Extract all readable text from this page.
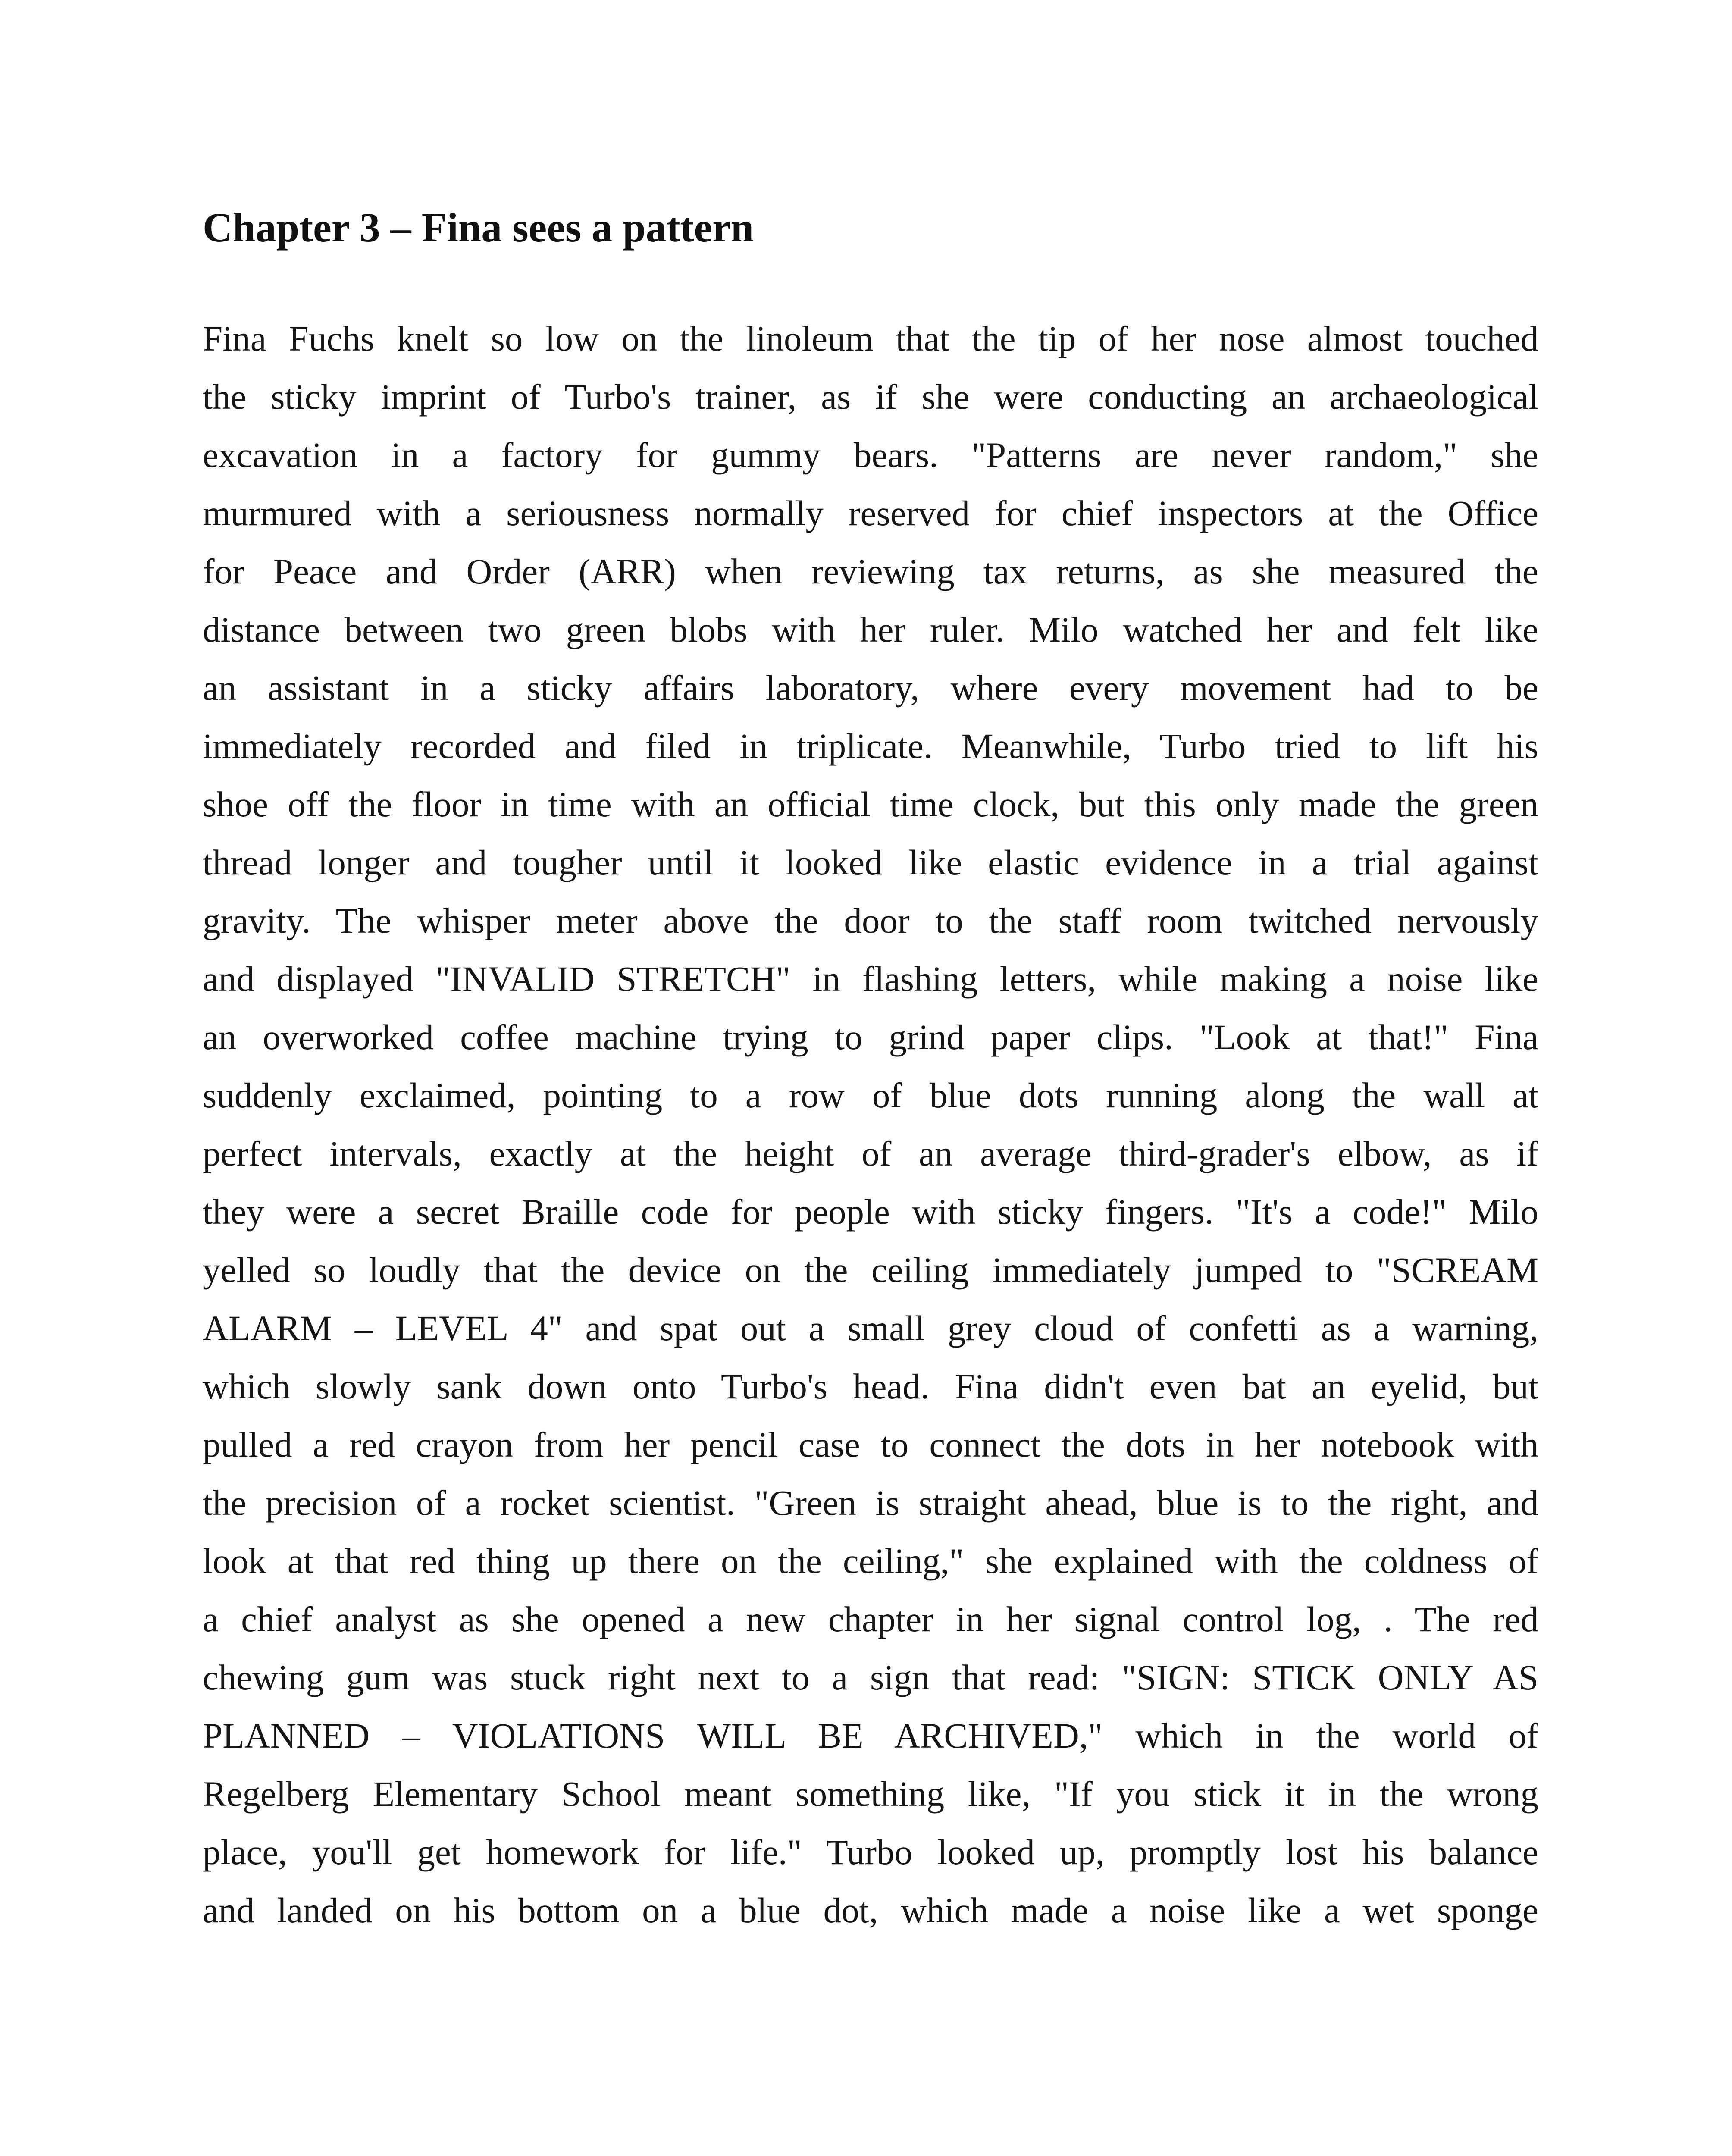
Chapter 3 – Fina sees a pattern
Fina Fuchs knelt so low on the linoleum that the tip of her nose almost touched
the sticky imprint of Turbo's trainer, as if she were conducting an archaeological
excavation in a factory for gummy bears. "Patterns are never random," she
murmured with a seriousness normally reserved for chief inspectors at the Office
for Peace and Order (ARR) when reviewing tax returns, as she measured the
distance between two green blobs with her ruler. Milo watched her and felt like
an assistant in a sticky affairs laboratory, where every movement had to be
immediately recorded and filed in triplicate. Meanwhile, Turbo tried to lift his
shoe off the floor in time with an official time clock, but this only made the green
thread longer and tougher until it looked like elastic evidence in a trial against
gravity. The whisper meter above the door to the staff room twitched nervously
and displayed "INVALID STRETCH" in flashing letters, while making a noise like
an overworked coffee machine trying to grind paper clips. "Look at that!" Fina
suddenly exclaimed, pointing to a row of blue dots running along the wall at
perfect intervals, exactly at the height of an average third-grader's elbow, as if
they were a secret Braille code for people with sticky fingers. "It's a code!" Milo
yelled so loudly that the device on the ceiling immediately jumped to "SCREAM
ALARM – LEVEL 4" and spat out a small grey cloud of confetti as a warning,
which slowly sank down onto Turbo's head. Fina didn't even bat an eyelid, but
pulled a red crayon from her pencil case to connect the dots in her notebook with
the precision of a rocket scientist. "Green is straight ahead, blue is to the right, and
look at that red thing up there on the ceiling," she explained with the coldness of
a chief analyst as she opened a new chapter in her signal control log, . The red
chewing gum was stuck right next to a sign that read: "SIGN: STICK ONLY AS
PLANNED – VIOLATIONS WILL BE ARCHIVED," which in the world of
Regelberg Elementary School meant something like, "If you stick it in the wrong
place, you'll get homework for life." Turbo looked up, promptly lost his balance
and landed on his bottom on a blue dot, which made a noise like a wet sponge
